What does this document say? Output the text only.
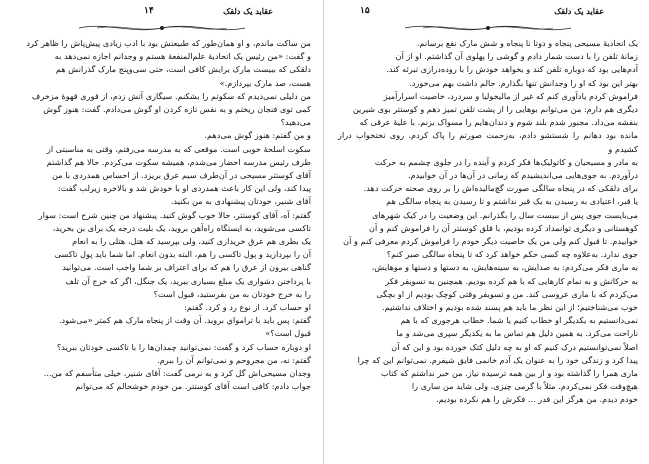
عقاید یک دلقک
۱۴

من ساکت ماندم، و او همان‌طور که طبیعتش بود با ادب زیادی پیش‌پاش را ظاهر کرد

و گفت: «من رئیس یک اتحادیهٔ علم‌المنفعهٔ هستم و وجدانم اجازه نمی‌دهد به

دلقکی که ببیست مارک برایش کافی است، حتی سی‌وپنج مارک گذرانش هم

هست، صد مارک بپردازم.»

من دلیلی نمی‌دیدم که سکوتم را بشکنم. سیگاری آتش زدم، از قوری قهوهٔ مزخرف

کمی توی فنجان ریختم و به نفس تازه کردن او گوش می‌دادم. گفت: هنوز گوش

می‌دهید؟

و من گفتم: هنوز گوش می‌دهم.

سکوت اسلحهٔ خوبی است. موقعی که به مدرسه می‌رفتم، وقتی به مناسبتی از

طرف رئیس مدرسه احضار می‌شدم، همیشه سکوت می‌کردم. حالا هم گذاشتم

آقای کوستتر مسیحی در آن‌طرف سیم عرق بریزد. از احساس همدردی با من

پیدا کند، ولی این کار باعث همدردی او با خودش شد و بالاخره زیرلب گفت:

آقای شنیر، خودتان پیشنهادی به من بکنید.

گفتم: آه، آقای کوستتر، حالا خوب گوش کنید. پیشنهاد من چنین شرح است: سوار

تاکسی می‌شوید، به ایستگاه راه‌آهن بروید، یک بلیت درجه یک برای بن بخرید،

یک بطری هم عرق خریداری کنید، ولی بپرسید که هتل، هتلی را به انعام

آن را بپردازید و پول تاکسی را هم، البته بدون انعام. اما شما باید پول تاکسی

گناهی بیرون از عرق را هم که برای اعتراف بر شما واجب است. می‌توانید

با پرداختن دشواری یک مبلغ بسیاری ببرید، یک جنگل، اگر که خرج آن تلف

را به خرج خودتان به من بفرستید، قبول است؟

او حساب کرد. از نوع رد و کرد. گفتم:

گفتم: پس باید با ترامواي بروید. آن وقت از پنجاه مارک هم کمتر «می‌شود.

قبول است؟»

او دوباره حساب کرد و گفت: نمی‌توانید چمدان‌ها را با تاکسی خودتان ببرید؟

گفتم: نه، من مجروحم و نمی‌توانم آن را ببرم.

وجدان مسیحی‌اش گل کرد و به نرمی گفت: آقای شنیر، خیلی متأسفم که من...

جواب دادم: کافی است آقای کوستتر. من خودم خوشحالم که می‌توانم

عقاید یک دلقک
۱۵

یک اتحادیهٔ مسیحی پنجاه و دوتا تا پنجاه و شش مارک نفع برسانم.

زمانهٔ تلفن را با دست شمار دادم و گوشی را پهلوی آن گذاشتم. او از آن

آدم‌هایی بود که دوباره تلفن کند و بخواهد خودش را با روده‌درازی تبرئه کند.

بهتر این بود که او را وجدانش تنها بگذارم. حالم داشت بهم می‌خورد.

فراموش کردم یادآوری کنم که غیر از مالیخولیا و سردرد، خاصیت اسرارآمیز

دیگری هم دارم: من می‌توانم بوهایی را از پشت تلفن تمیز دهم و کوستتر بوی شیرین

بنفشه می‌داد. مجبور شدم بلند شوم و دندان‌هایم را مسواک بزنم. با علیهٔ عرقی که

مانده بود دهانم را شستشو دادم، به‌زحمت صورتم را پاک کردم. روی تختخواب دراز کشیدم و

به مادر و مسیحیان و کاتولیک‌ها فکر کردم و آینده را در جلوی چشمم به حرکت

درآوردم. به جوی‌هایی می‌اندیشیدم که زمانی در آن‌ها در آن خوابیدم.

برای دلقکی که در پنجاه سالگی صورت گچ‌مالیده‌اش را بر روی صحنه حرکت دهد.

یا قبر، اعتیادی به رسیدن به یک قبر نداشتم و تا رسیدن به پنجاه سالگی هم

می‌بایست جوی پس از ببیست سال را بگذرانم. این وضعیت را در کیک شهرهای

کوهستانی و دیگری توانمداد کرده بودیم، با قلق کوستتر آن را فراموش کنم و آن

خوابیدم. تا قبول کنم ولی من یک خاصیت دیگر خودم را فراموش کردم معرفی کنم و آن

جوی ندارد. به‌علاوه چه کسی حکم خواهد کرد که تا پنجاه سالگی صبر کنم؟

به ماری فکر می‌کردم: به صدایش، به سینه‌هایش، به دستها و دستها و موهایش،

به حرکاتش و به تمام کارهایی که با هم کرده بودیم. همچنین به تسویفر فکر

می‌کردم که با ماری عروسی کند. من و تسویفر وقتی کوچک بودیم از او بچگی

خوب می‌شناختیم؛ از این نظر ما باید هم پسند شده بودیم و اختلاف نداشتیم.

نمی‌دانستیم به یکدیگر او خطاب کنیم یا شما. خطاب هرجوری که با هم

ناراحت می‌کرد. به همین دلیل هم تماس ما به یکدیگر سپری می‌شد و ما

اصلاً نمی‌توانستیم درک کنیم که او به چه دلیل کتک خورده بود و این که آن

پیدا کرد و زندگی خود را به عنوان یک آدم خانمی فایق شیفرم. نمی‌توانم این که چرا

ماری همرا را گذاشته بود و از بین همه ترسیده نیاز. من خبر نداشتم که کتاب

هیچ‌وقت فکر نمی‌کردم. مثلاً با گرمی چیزی، ولی شاید من ساری را

خودم دیدم. من هرگز این قدر ... فکرش را هم نکرده بودیم.
